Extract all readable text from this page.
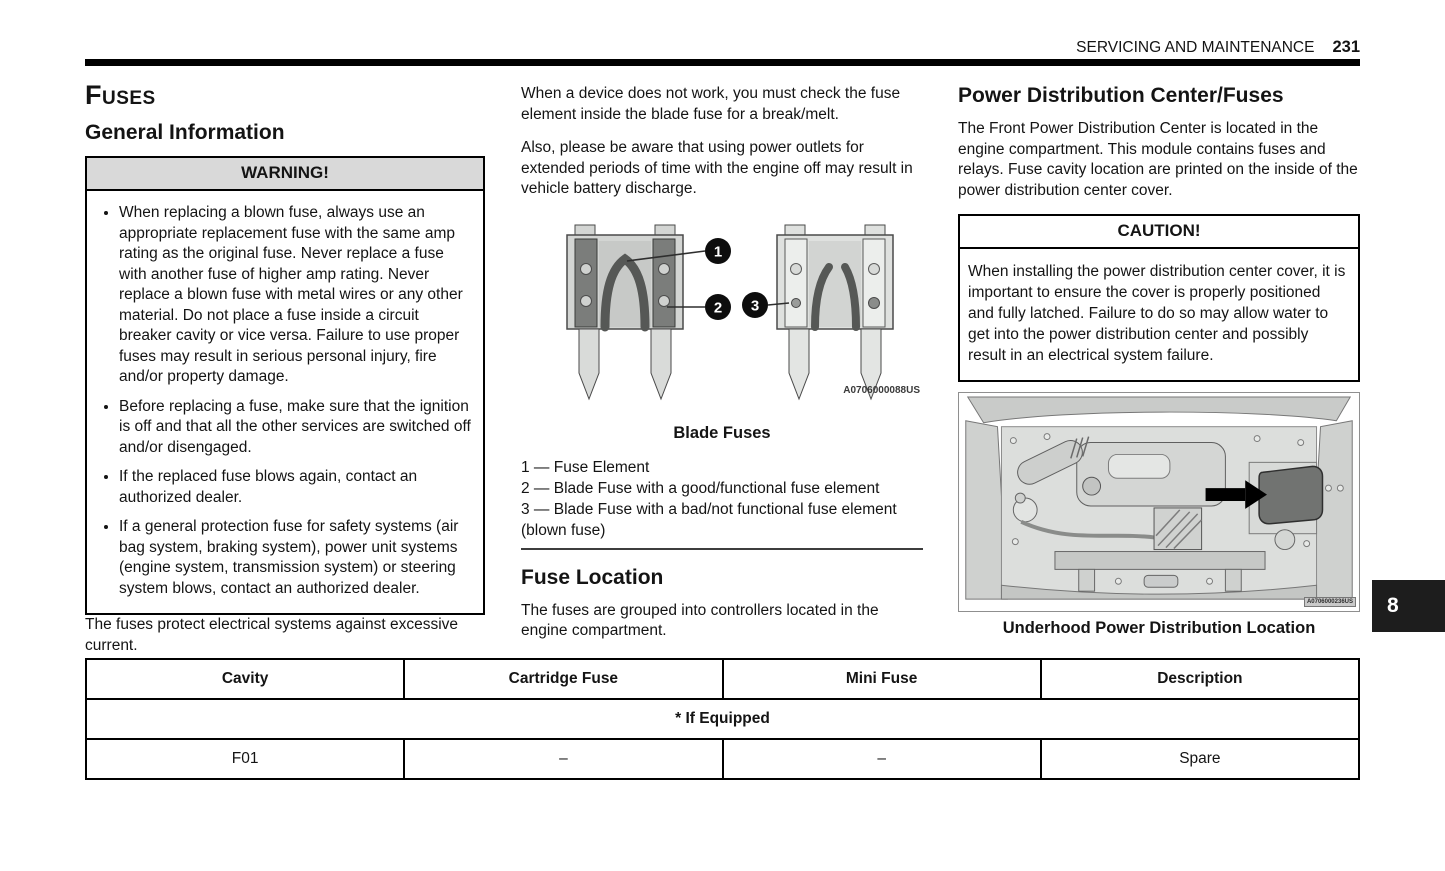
SERVICING AND MAINTENANCE 231
Fuses
General Information
WARNING!
• When replacing a blown fuse, always use an appropriate replacement fuse with the same amp rating as the original fuse. Never replace a fuse with another fuse of higher amp rating. Never replace a blown fuse with metal wires or any other material. Do not place a fuse inside a circuit breaker cavity or vice versa. Failure to use proper fuses may result in serious personal injury, fire and/or property damage.
• Before replacing a fuse, make sure that the ignition is off and that all the other services are switched off and/or disengaged.
• If the replaced fuse blows again, contact an authorized dealer.
• If a general protection fuse for safety systems (air bag system, braking system), power unit systems (engine system, transmission system) or steering system blows, contact an authorized dealer.

The fuses protect electrical systems against excessive current.

When a device does not work, you must check the fuse element inside the blade fuse for a break/melt.

Also, please be aware that using power outlets for extended periods of time with the engine off may result in vehicle battery discharge.

1
2 3
A0706000088US
Blade Fuses
1 — Fuse Element
2 — Blade Fuse with a good/functional fuse element
3 — Blade Fuse with a bad/not functional fuse element (blown fuse)
Fuse Location

The fuses are grouped into controllers located in the engine compartment.

Power Distribution Center/Fuses

The Front Power Distribution Center is located in the engine compartment. This module contains fuses and relays. Fuse cavity location are printed on the inside of the power distribution center cover.

CAUTION!

When installing the power distribution center cover, it is important to ensure the cover is properly positioned and fully latched. Failure to do so may allow water to get into the power distribution center and possibly result in an electrical system failure.

A0706000236US
Underhood Power Distribution Location
8
Cavity	Cartridge Fuse	Mini Fuse	Description
* If Equipped			
F01	–	–	Spare
